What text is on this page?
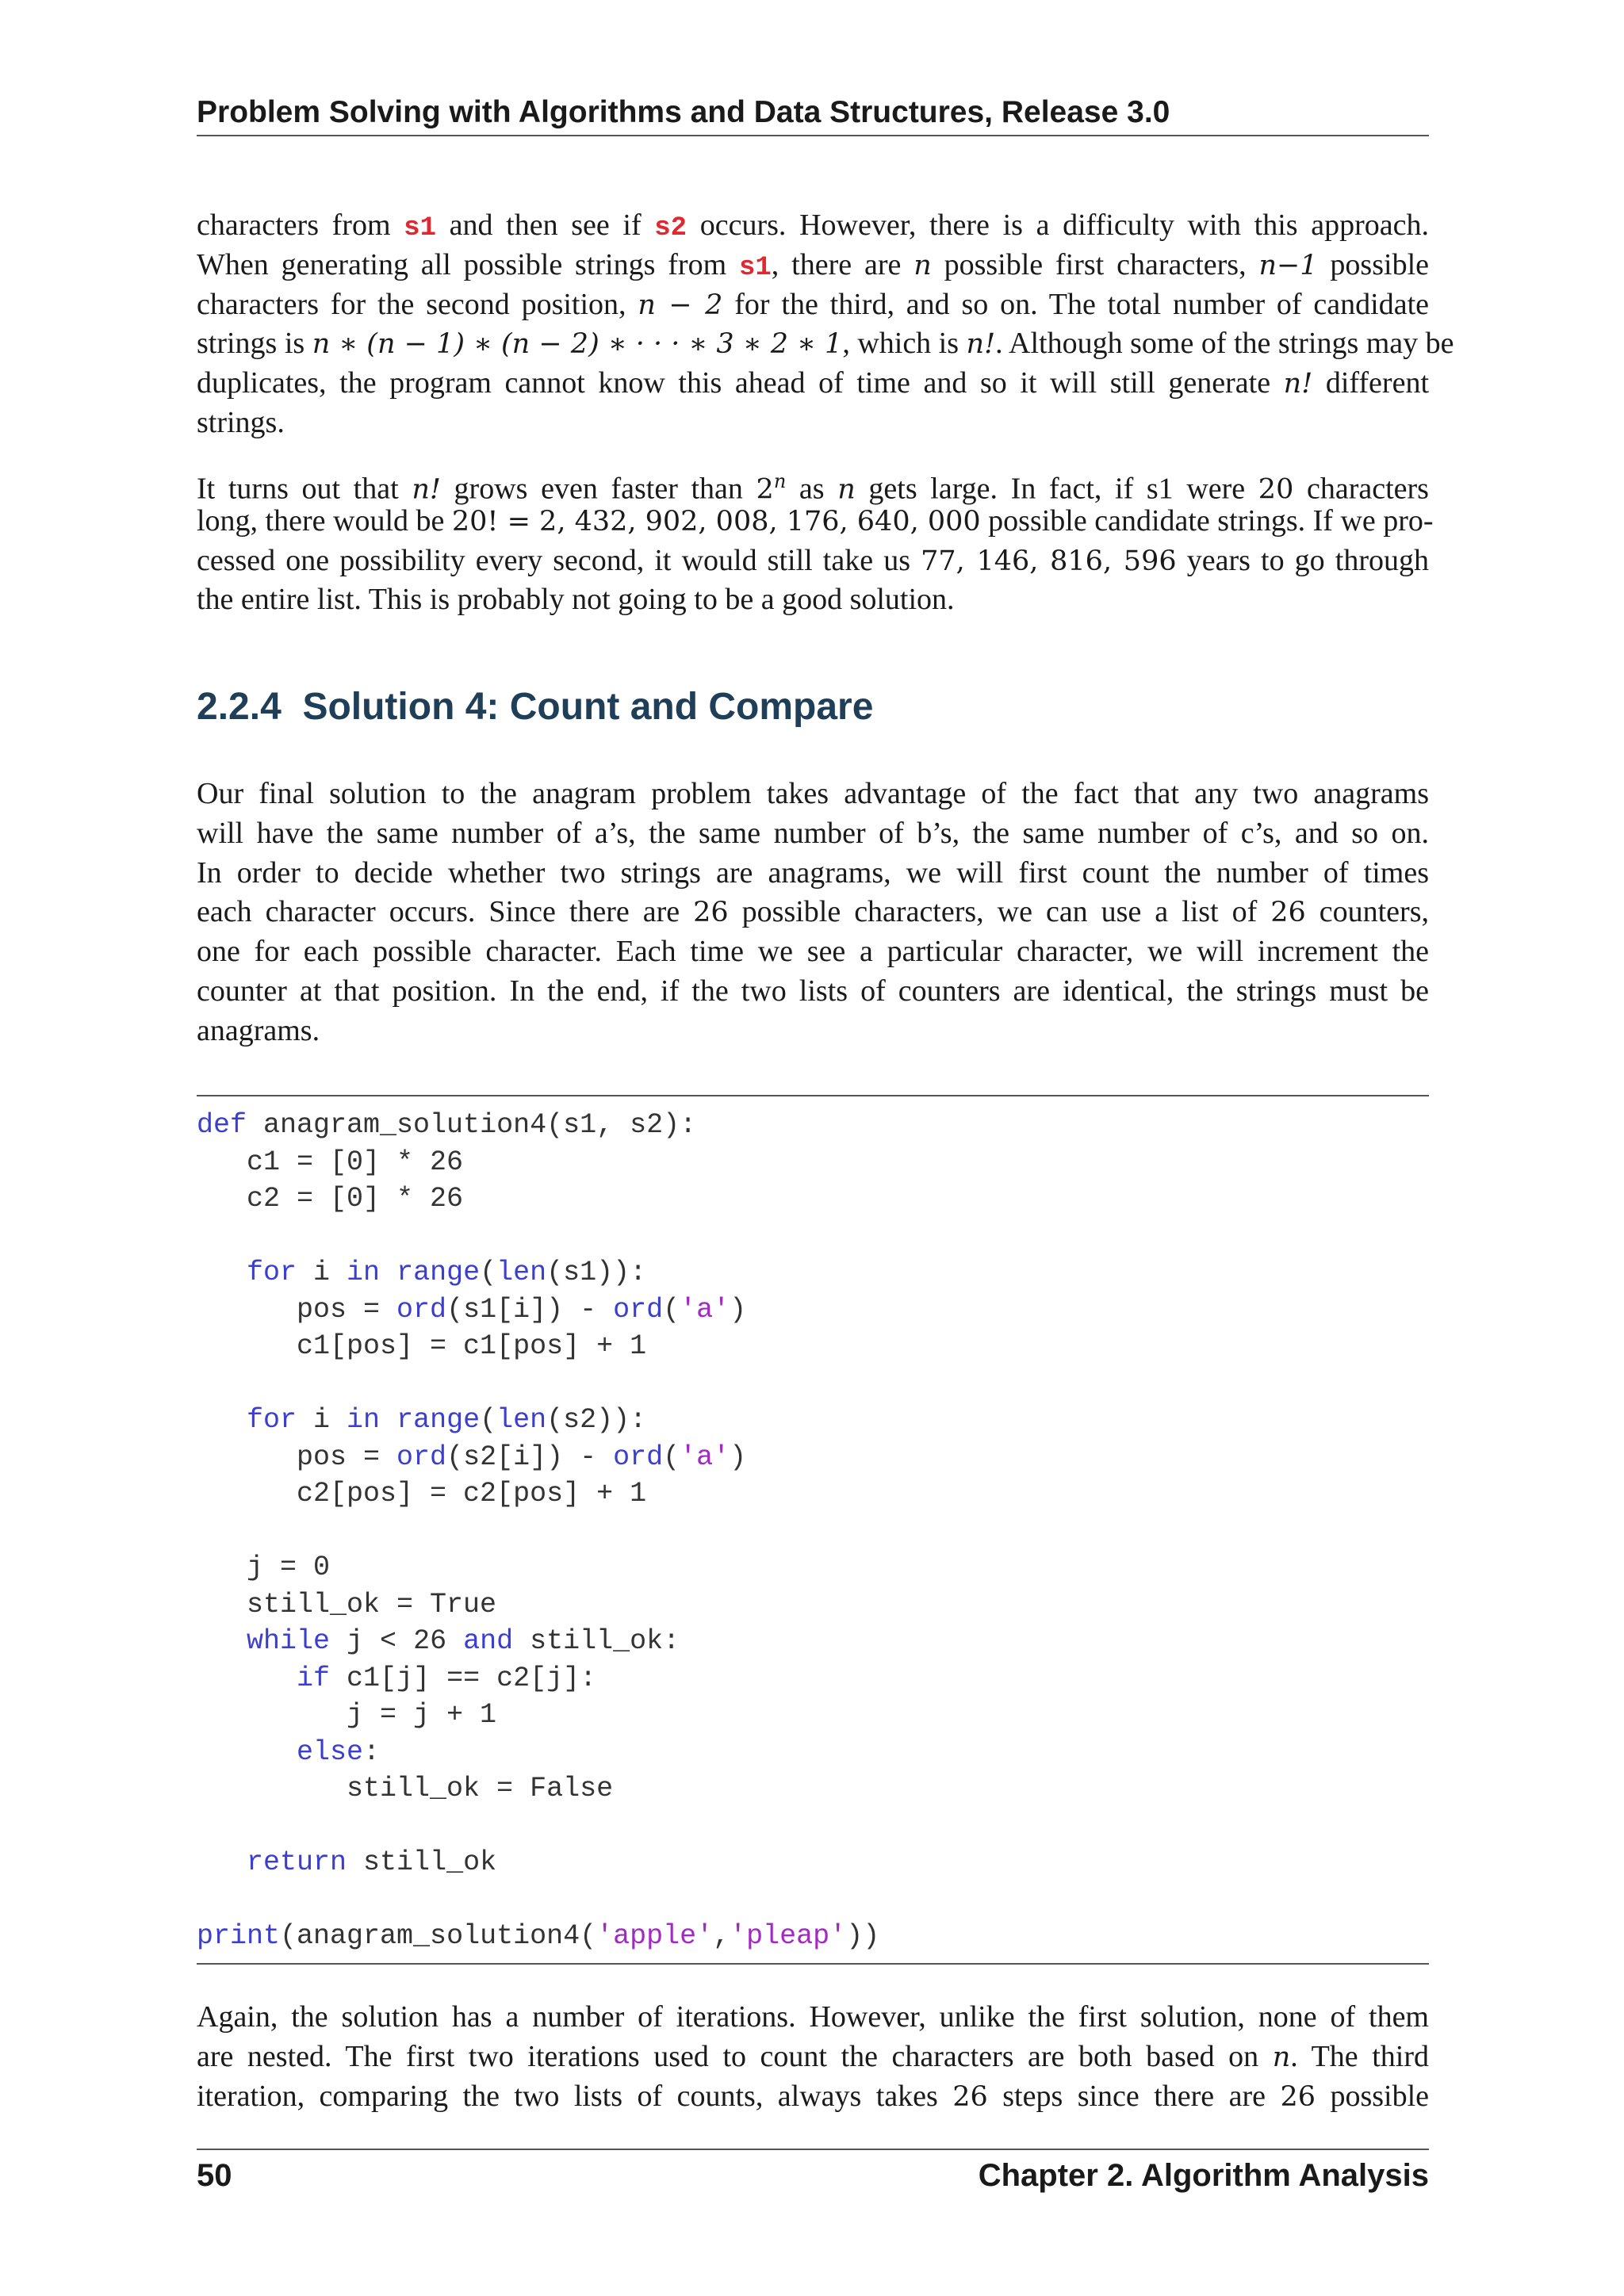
Problem Solving with Algorithms and Data Structures, Release 3.0
characters from s1 and then see if s2 occurs. However, there is a difficulty with this approach.
When generating all possible strings from s1, there are n possible first characters, n−1 possible
characters for the second position, n − 2 for the third, and so on. The total number of candidate
strings is n ∗ (n − 1) ∗ (n − 2) ∗ · · · ∗ 3 ∗ 2 ∗ 1, which is n!. Although some of the strings may be
duplicates, the program cannot know this ahead of time and so it will still generate n! different
strings.
It turns out that n! grows even faster than 2$^n$ as n gets large. In fact, if s1 were 20 characters
long, there would be 20! = 2, 432, 902, 008, 176, 640, 000 possible candidate strings. If we pro-
cessed one possibility every second, it would still take us 77, 146, 816, 596 years to go through
the entire list. This is probably not going to be a good solution.
2.2.4 Solution 4: Count and Compare
Our final solution to the anagram problem takes advantage of the fact that any two anagrams
will have the same number of a’s, the same number of b’s, the same number of c’s, and so on.
In order to decide whether two strings are anagrams, we will first count the number of times
each character occurs. Since there are 26 possible characters, we can use a list of 26 counters,
one for each possible character. Each time we see a particular character, we will increment the
counter at that position. In the end, if the two lists of counters are identical, the strings must be
anagrams.
def anagram_solution4(s1, s2):
c1 = [0] * 26
c2 = [0] * 26
for i in range(len(s1)):
pos = ord(s1[i]) - ord('a')
c1[pos] = c1[pos] + 1
for i in range(len(s2)):
pos = ord(s2[i]) - ord('a')
c2[pos] = c2[pos] + 1
j = 0
still_ok = True
while j < 26 and still_ok:
if c1[j] == c2[j]:
j = j + 1
else:
still_ok = False
return still_ok
print(anagram_solution4('apple','pleap'))
Again, the solution has a number of iterations. However, unlike the first solution, none of them
are nested. The first two iterations used to count the characters are both based on n. The third
iteration, comparing the two lists of counts, always takes 26 steps since there are 26 possible
50	Chapter 2. Algorithm Analysis
